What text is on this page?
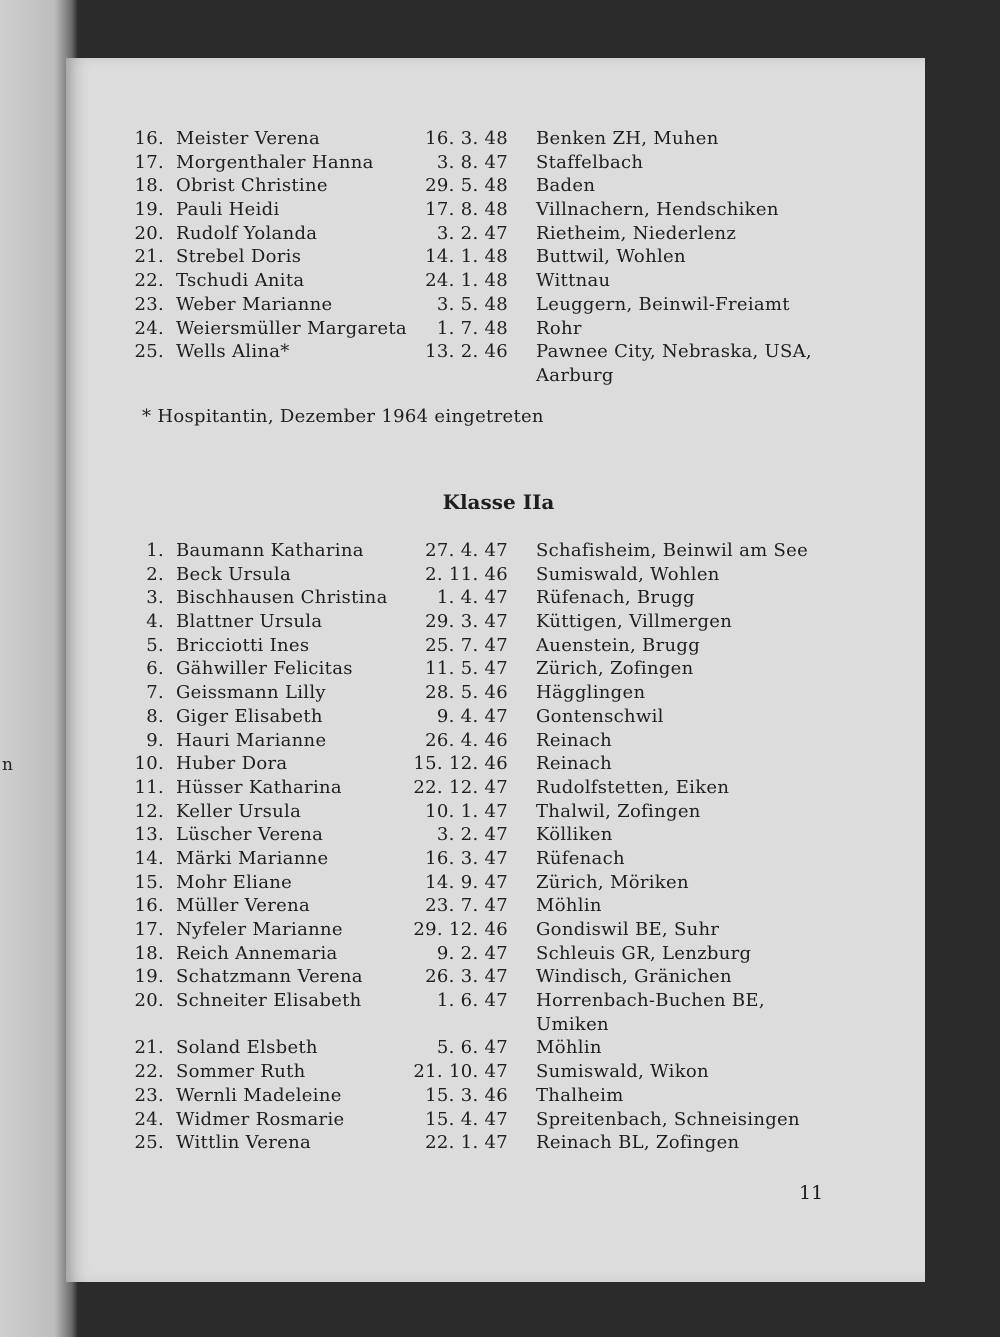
n
16. Meister Verena	16. 3. 48 Benken ZH, Muhen
17. Morgenthaler Hanna	3. 8. 47 Staffelbach
18. Obrist Christine	29. 5. 48 Baden
19. Pauli Heidi	17. 8. 48 Villnachern, Hendschiken
20. Rudolf Yolanda	3. 2. 47 Rietheim, Niederlenz
21. Strebel Doris	14. 1. 48 Buttwil, Wohlen
22. Tschudi Anita	24. 1. 48 Wittnau
23. Weber Marianne	3. 5. 48 Leuggern, Beinwil-Freiamt
24. Weiersmüller Margareta	1. 7. 48 Rohr
25. Wells Alina*	13. 2. 46 Pawnee City, Nebraska, USA,
Aarburg
* Hospitantin, Dezember 1964 eingetreten
Klasse IIa
1. Baumann Katharina	27. 4. 47 Schafisheim, Beinwil am See
2. Beck Ursula	2. 11. 46 Sumiswald, Wohlen
3. Bischhausen Christina	1. 4. 47 Rüfenach, Brugg
4. Blattner Ursula	29. 3. 47 Küttigen, Villmergen
5. Bricciotti Ines	25. 7. 47 Auenstein, Brugg
6. Gähwiller Felicitas	11. 5. 47 Zürich, Zofingen
7. Geissmann Lilly	28. 5. 46 Hägglingen
8. Giger Elisabeth	9. 4. 47 Gontenschwil
9. Hauri Marianne	26. 4. 46 Reinach
10. Huber Dora	15. 12. 46 Reinach
11. Hüsser Katharina	22. 12. 47 Rudolfstetten, Eiken
12. Keller Ursula	10. 1. 47 Thalwil, Zofingen
13. Lüscher Verena	3. 2. 47 Kölliken
14. Märki Marianne	16. 3. 47 Rüfenach
15. Mohr Eliane	14. 9. 47 Zürich, Möriken
16. Müller Verena	23. 7. 47 Möhlin
17. Nyfeler Marianne	29. 12. 46 Gondiswil BE, Suhr
18. Reich Annemaria	9. 2. 47 Schleuis GR, Lenzburg
19. Schatzmann Verena	26. 3. 47 Windisch, Gränichen
20. Schneiter Elisabeth	1. 6. 47 Horrenbach-Buchen BE,
Umiken
21. Soland Elsbeth	5. 6. 47 Möhlin
22. Sommer Ruth	21. 10. 47 Sumiswald, Wikon
23. Wernli Madeleine	15. 3. 46 Thalheim
24. Widmer Rosmarie	15. 4. 47 Spreitenbach, Schneisingen
25. Wittlin Verena	22. 1. 47 Reinach BL, Zofingen
11
